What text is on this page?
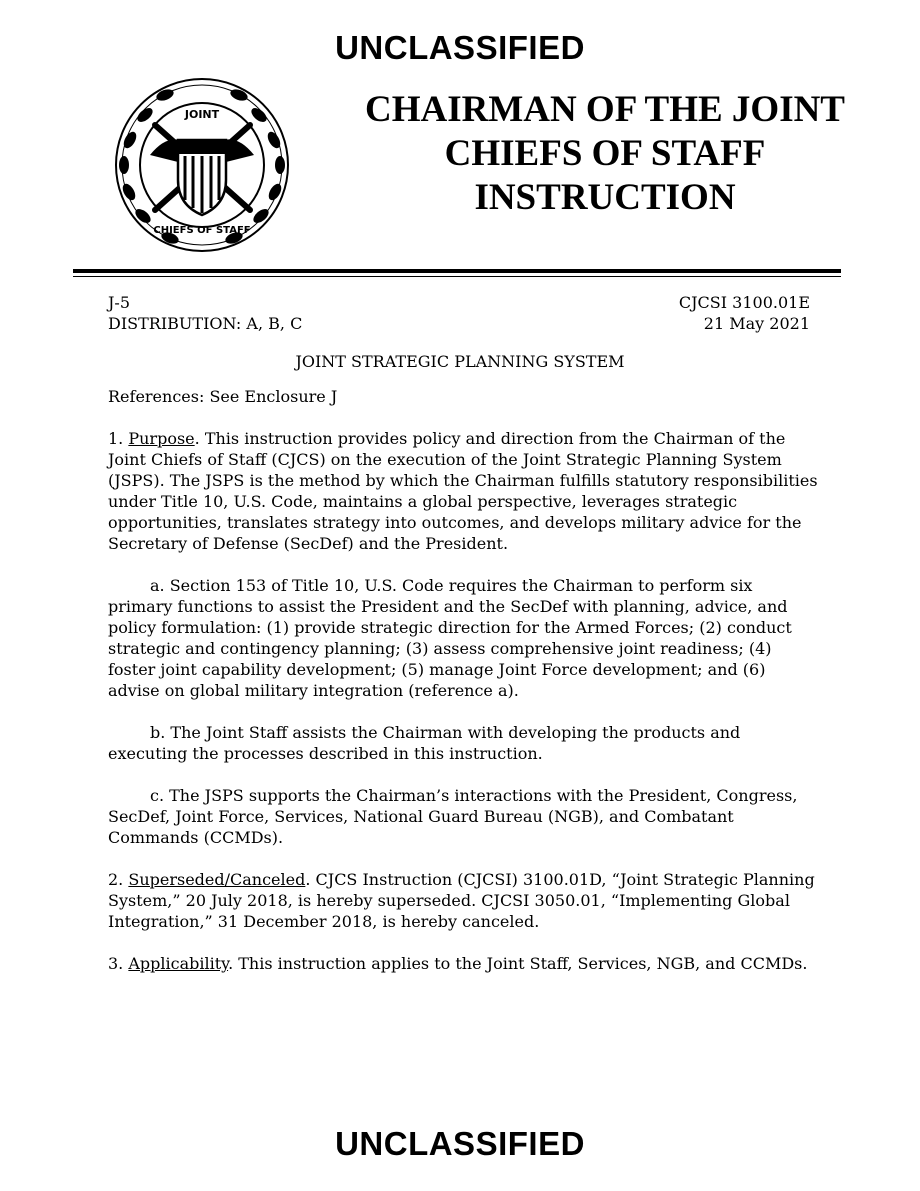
UNCLASSIFIED
JOINT
CHIEFS OF STAFF
CHAIRMAN OF THE JOINT
CHIEFS OF STAFF
INSTRUCTION
J-5
DISTRIBUTION: A, B, C
CJCSI 3100.01E
21 May 2021
JOINT STRATEGIC PLANNING SYSTEM

References: See Enclosure J

1. Purpose. This instruction provides policy and direction from the Chairman of the Joint Chiefs of Staff (CJCS) on the execution of the Joint Strategic Planning System (JSPS). The JSPS is the method by which the Chairman fulfills statutory responsibilities under Title 10, U.S. Code, maintains a global perspective, leverages strategic opportunities, translates strategy into outcomes, and develops military advice for the Secretary of Defense (SecDef) and the President.

a. Section 153 of Title 10, U.S. Code requires the Chairman to perform six primary functions to assist the President and the SecDef with planning, advice, and policy formulation: (1) provide strategic direction for the Armed Forces; (2) conduct strategic and contingency planning; (3) assess comprehensive joint readiness; (4) foster joint capability development; (5) manage Joint Force development; and (6) advise on global military integration (reference a).

b. The Joint Staff assists the Chairman with developing the products and executing the processes described in this instruction.

c. The JSPS supports the Chairman’s interactions with the President, Congress, SecDef, Joint Force, Services, National Guard Bureau (NGB), and Combatant Commands (CCMDs).

2. Superseded/Canceled. CJCS Instruction (CJCSI) 3100.01D, “Joint Strategic Planning System,” 20 July 2018, is hereby superseded. CJCSI 3050.01, “Implementing Global Integration,” 31 December 2018, is hereby canceled.

3. Applicability. This instruction applies to the Joint Staff, Services, NGB, and CCMDs.

UNCLASSIFIED
